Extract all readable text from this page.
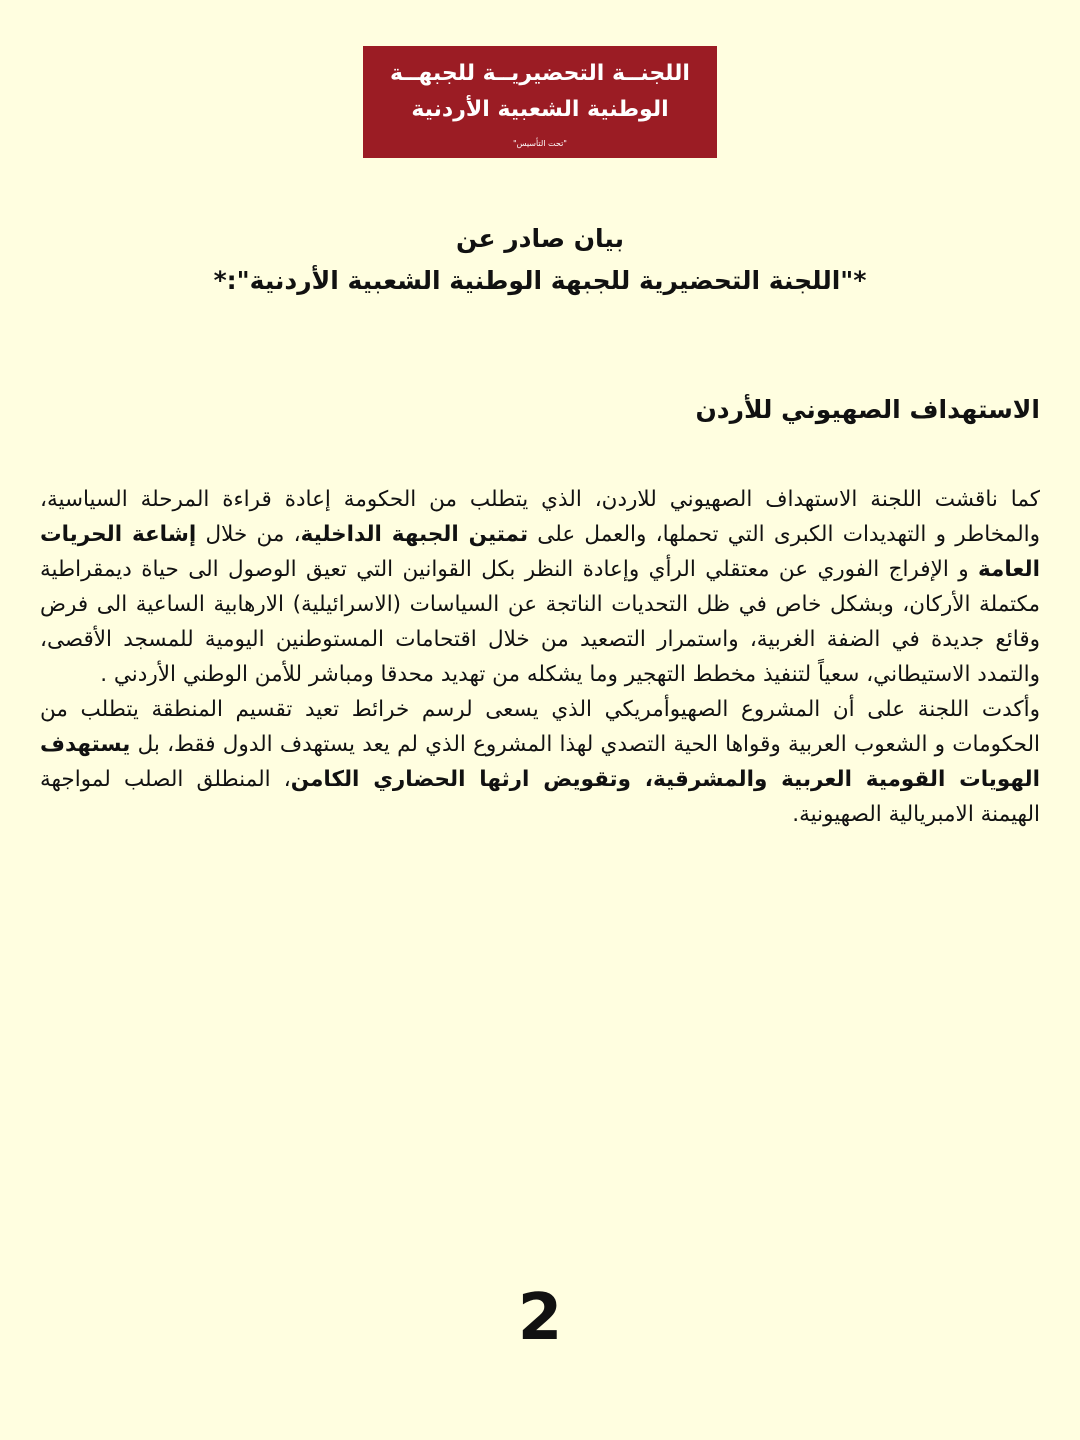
اللجنــة التحضيريــة للجبهــة
الوطنية الشعبية الأردنية
"تحت التأسيس"
بيان صادر عن
*"اللجنة التحضيرية للجبهة الوطنية الشعبية الأردنية":*
الاستهداف الصهيوني للأردن

كما ناقشت اللجنة الاستهداف الصهيوني للاردن، الذي يتطلب من الحكومة إعادة قراءة المرحلة السياسية، والمخاطر و التهديدات الكبرى التي تحملها، والعمل على تمتين الجبهة الداخلية، من خلال إشاعة الحريات العامة و الإفراج الفوري عن معتقلي الرأي وإعادة النظر بكل القوانين التي تعيق الوصول الى حياة ديمقراطية مكتملة الأركان، وبشكل خاص في ظل التحديات الناتجة عن السياسات (الاسرائيلية) الارهابية الساعية الى فرض وقائع جديدة في الضفة الغربية، واستمرار التصعيد من خلال اقتحامات المستوطنين اليومية للمسجد الأقصى، والتمدد الاستيطاني، سعياً لتنفيذ مخطط التهجير وما يشكله من تهديد محدقا ومباشر للأمن الوطني الأردني .

وأكدت اللجنة على أن المشروع الصهيوأمريكي الذي يسعى لرسم خرائط تعيد تقسيم المنطقة يتطلب من الحكومات و الشعوب العربية وقواها الحية التصدي لهذا المشروع الذي لم يعد يستهدف الدول فقط، بل يستهدف الهويات القومية العربية والمشرقية، وتقويض ارثها الحضاري الكامن، المنطلق الصلب لمواجهة الهيمنة الامبريالية الصهيونية.

2
